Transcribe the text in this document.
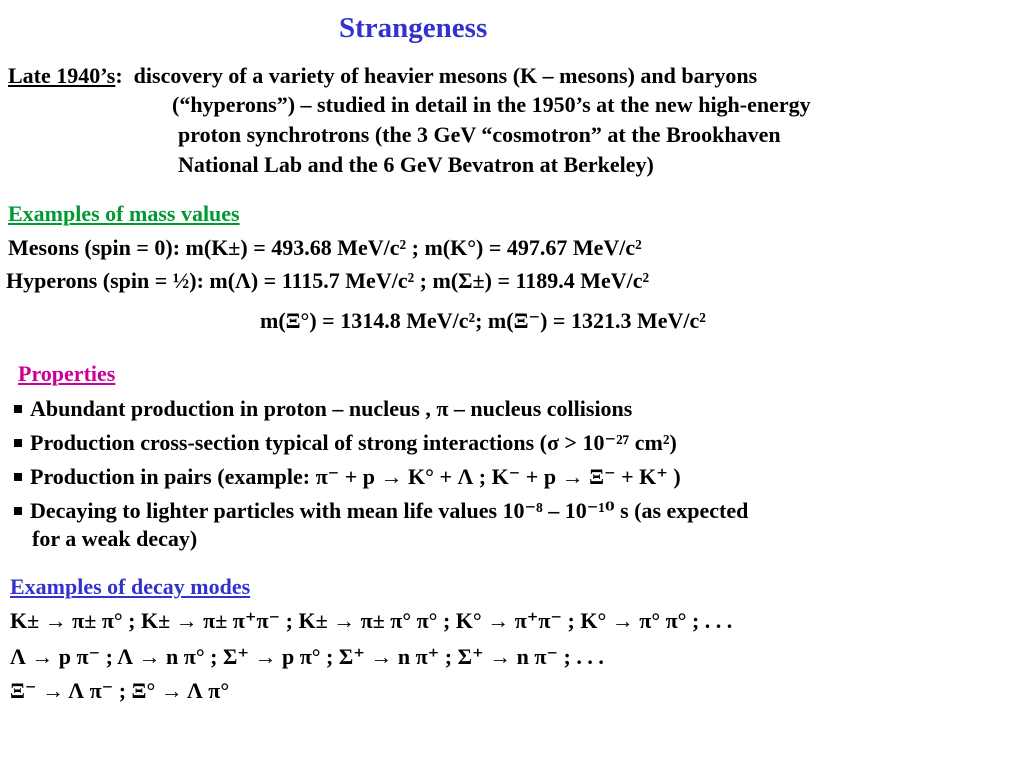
Strangeness
Late 1940’s: discovery of a variety of heavier mesons (K – mesons) and baryons
(“hyperons”) – studied in detail in the 1950’s at the new high-energy
proton synchrotrons (the 3 GeV “cosmotron” at the Brookhaven
National Lab and the 6 GeV Bevatron at Berkeley)
Examples of mass values
Mesons (spin = 0): m(K±) = 493.68 MeV/c² ; m(K°) = 497.67 MeV/c²
Hyperons (spin = ½): m(Λ) = 1115.7 MeV/c² ; m(Σ±) = 1189.4 MeV/c²
m(Ξ°) = 1314.8 MeV/c²; m(Ξ⁻) = 1321.3 MeV/c²
Properties
Abundant production in proton – nucleus , π – nucleus collisions
Production cross-section typical of strong interactions (σ > 10⁻²⁷ cm²)
Production in pairs (example: π⁻ + p → K° + Λ ; K⁻ + p → Ξ⁻ + K⁺ )
Decaying to lighter particles with mean life values 10⁻⁸ – 10⁻¹⁰ s (as expected
for a weak decay)
Examples of decay modes
K± → π± π° ; K± → π± π⁺π⁻ ; K± → π± π° π° ; K° → π⁺π⁻ ; K° → π° π° ; . . .
Λ → p π⁻ ; Λ → n π° ; Σ⁺ → p π° ; Σ⁺ → n π⁺ ; Σ⁺ → n π⁻ ; . . .
Ξ⁻ → Λ π⁻ ; Ξ° → Λ π°
